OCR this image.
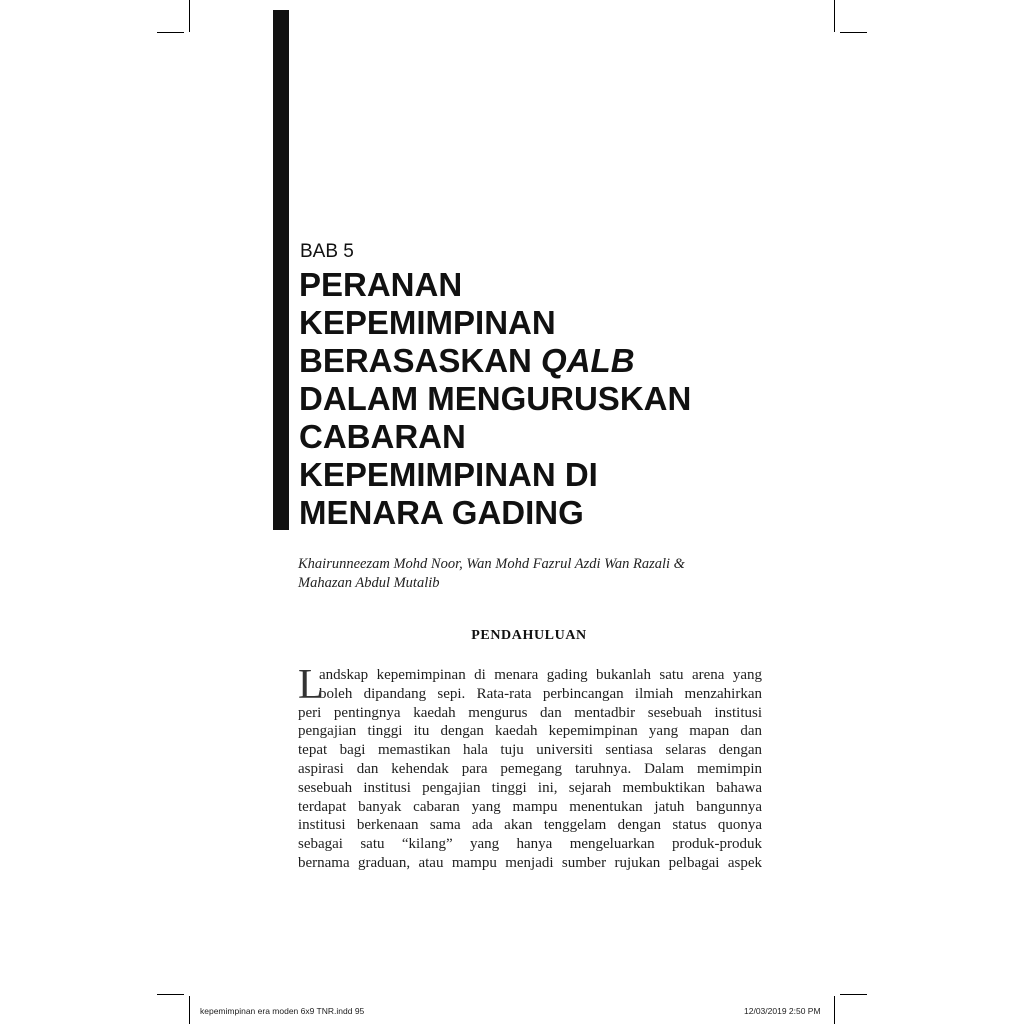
BAB 5
PERANAN
KEPEMIMPINAN
BERASASKAN QALB
DALAM MENGURUSKAN
CABARAN
KEPEMIMPINAN DI
MENARA GADING
Khairunneezam Mohd Noor, Wan Mohd Fazrul Azdi Wan Razali &
Mahazan Abdul Mutalib
PENDAHULUAN
L
andskap kepemimpinan di menara gading bukanlah satu arena yang
boleh dipandang sepi. Rata-rata perbincangan ilmiah menzahirkan
peri pentingnya kaedah mengurus dan mentadbir sesebuah institusi
pengajian tinggi itu dengan kaedah kepemimpinan yang mapan dan
tepat bagi memastikan hala tuju universiti sentiasa selaras dengan
aspirasi dan kehendak para pemegang taruhnya. Dalam memimpin
sesebuah institusi pengajian tinggi ini, sejarah membuktikan bahawa
terdapat banyak cabaran yang mampu menentukan jatuh bangunnya
institusi berkenaan sama ada akan tenggelam dengan status quonya
sebagai satu “kilang” yang hanya mengeluarkan produk-produk
bernama graduan, atau mampu menjadi sumber rujukan pelbagai aspek
kepemimpinan era moden 6x9 TNR.indd 95	12/03/2019 2:50 PM
